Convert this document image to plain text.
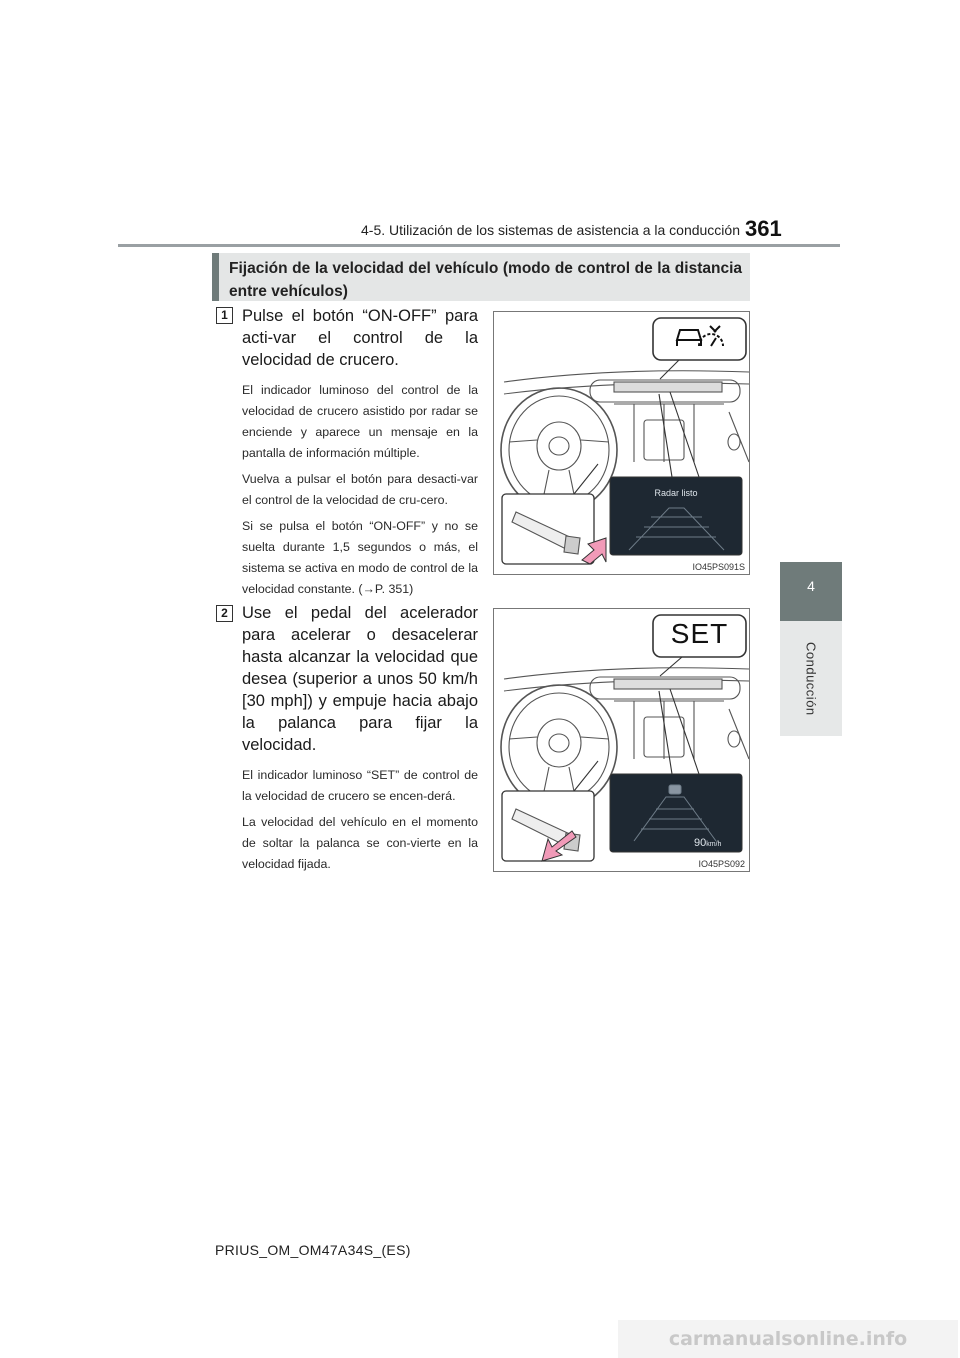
4-5. Utilización de los sistemas de asistencia a la conducción 361
4
Conducción
Fijación de la velocidad del vehículo (modo de control de la distancia entre vehículos)
1 Pulse el botón “ON-OFF” para acti-var el control de la velocidad de crucero.

El indicador luminoso del control de la velocidad de crucero asistido por radar se enciende y aparece un mensaje en la pantalla de información múltiple.

Vuelva a pulsar el botón para desacti-var el control de la velocidad de cru-cero.

Si se pulsa el botón “ON-OFF” y no se suelta durante 1,5 segundos o más, el sistema se activa en modo de control de la velocidad constante. (→P. 351)

Radar listo
IO45PS091S
2 Use el pedal del acelerador para acelerar o desacelerar hasta alcanzar la velocidad que desea (superior a unos 50 km/h [30 mph]) y empuje hacia abajo la palanca para fijar la velocidad.

El indicador luminoso “SET” de control de la velocidad de crucero se encen-derá.

La velocidad del vehículo en el momento de soltar la palanca se con-vierte en la velocidad fijada.

SET
90km/h
IO45PS092
PRIUS_OM_OM47A34S_(ES)
carmanualsonline.info
